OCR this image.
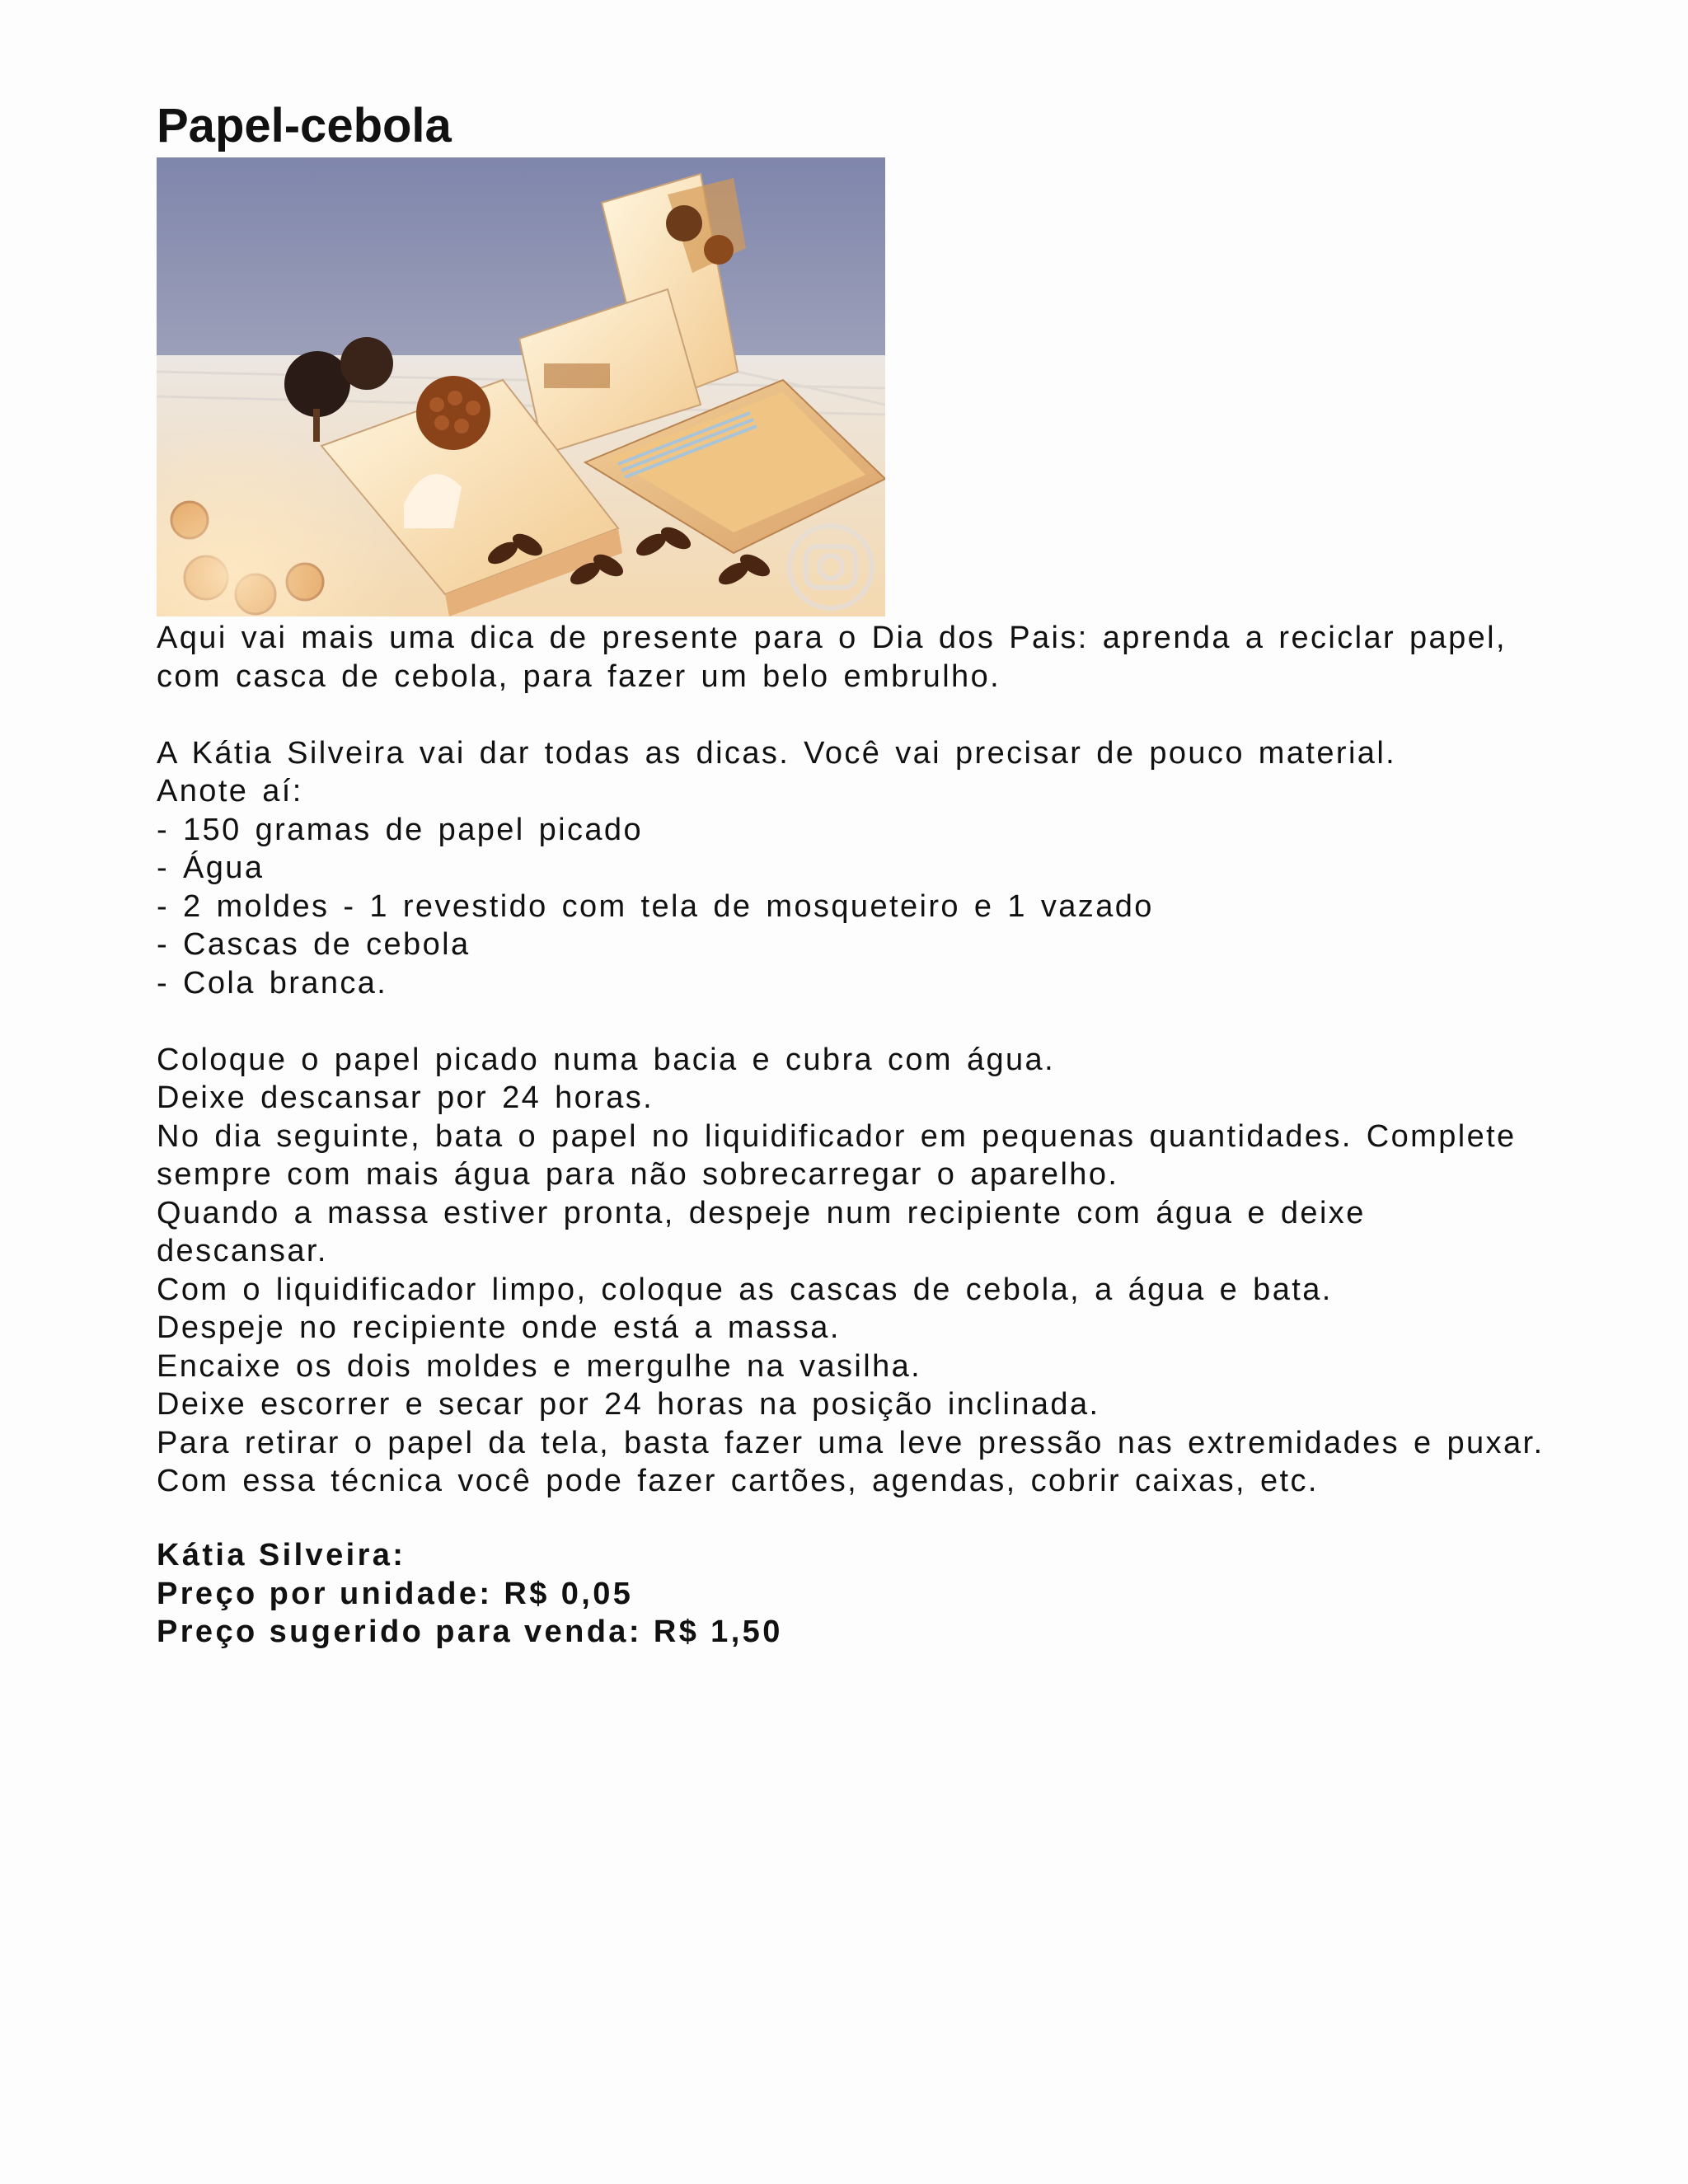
Papel-cebola
Aqui vai mais uma dica de presente para o Dia dos Pais: aprenda a reciclar papel,
com casca de cebola, para fazer um belo embrulho.
A Kátia Silveira vai dar todas as dicas. Você vai precisar de pouco material.
Anote aí:
- 150 gramas de papel picado
- Água
- 2 moldes - 1 revestido com tela de mosqueteiro e 1 vazado
- Cascas de cebola
- Cola branca.
Coloque o papel picado numa bacia e cubra com água.
Deixe descansar por 24 horas.
No dia seguinte, bata o papel no liquidificador em pequenas quantidades. Complete
sempre com mais água para não sobrecarregar o aparelho.
Quando a massa estiver pronta, despeje num recipiente com água e deixe
descansar.
Com o liquidificador limpo, coloque as cascas de cebola, a água e bata.
Despeje no recipiente onde está a massa.
Encaixe os dois moldes e mergulhe na vasilha.
Deixe escorrer e secar por 24 horas na posição inclinada.
Para retirar o papel da tela, basta fazer uma leve pressão nas extremidades e puxar.
Com essa técnica você pode fazer cartões, agendas, cobrir caixas, etc.
Kátia Silveira:
Preço por unidade: R$ 0,05
Preço sugerido para venda: R$ 1,50
